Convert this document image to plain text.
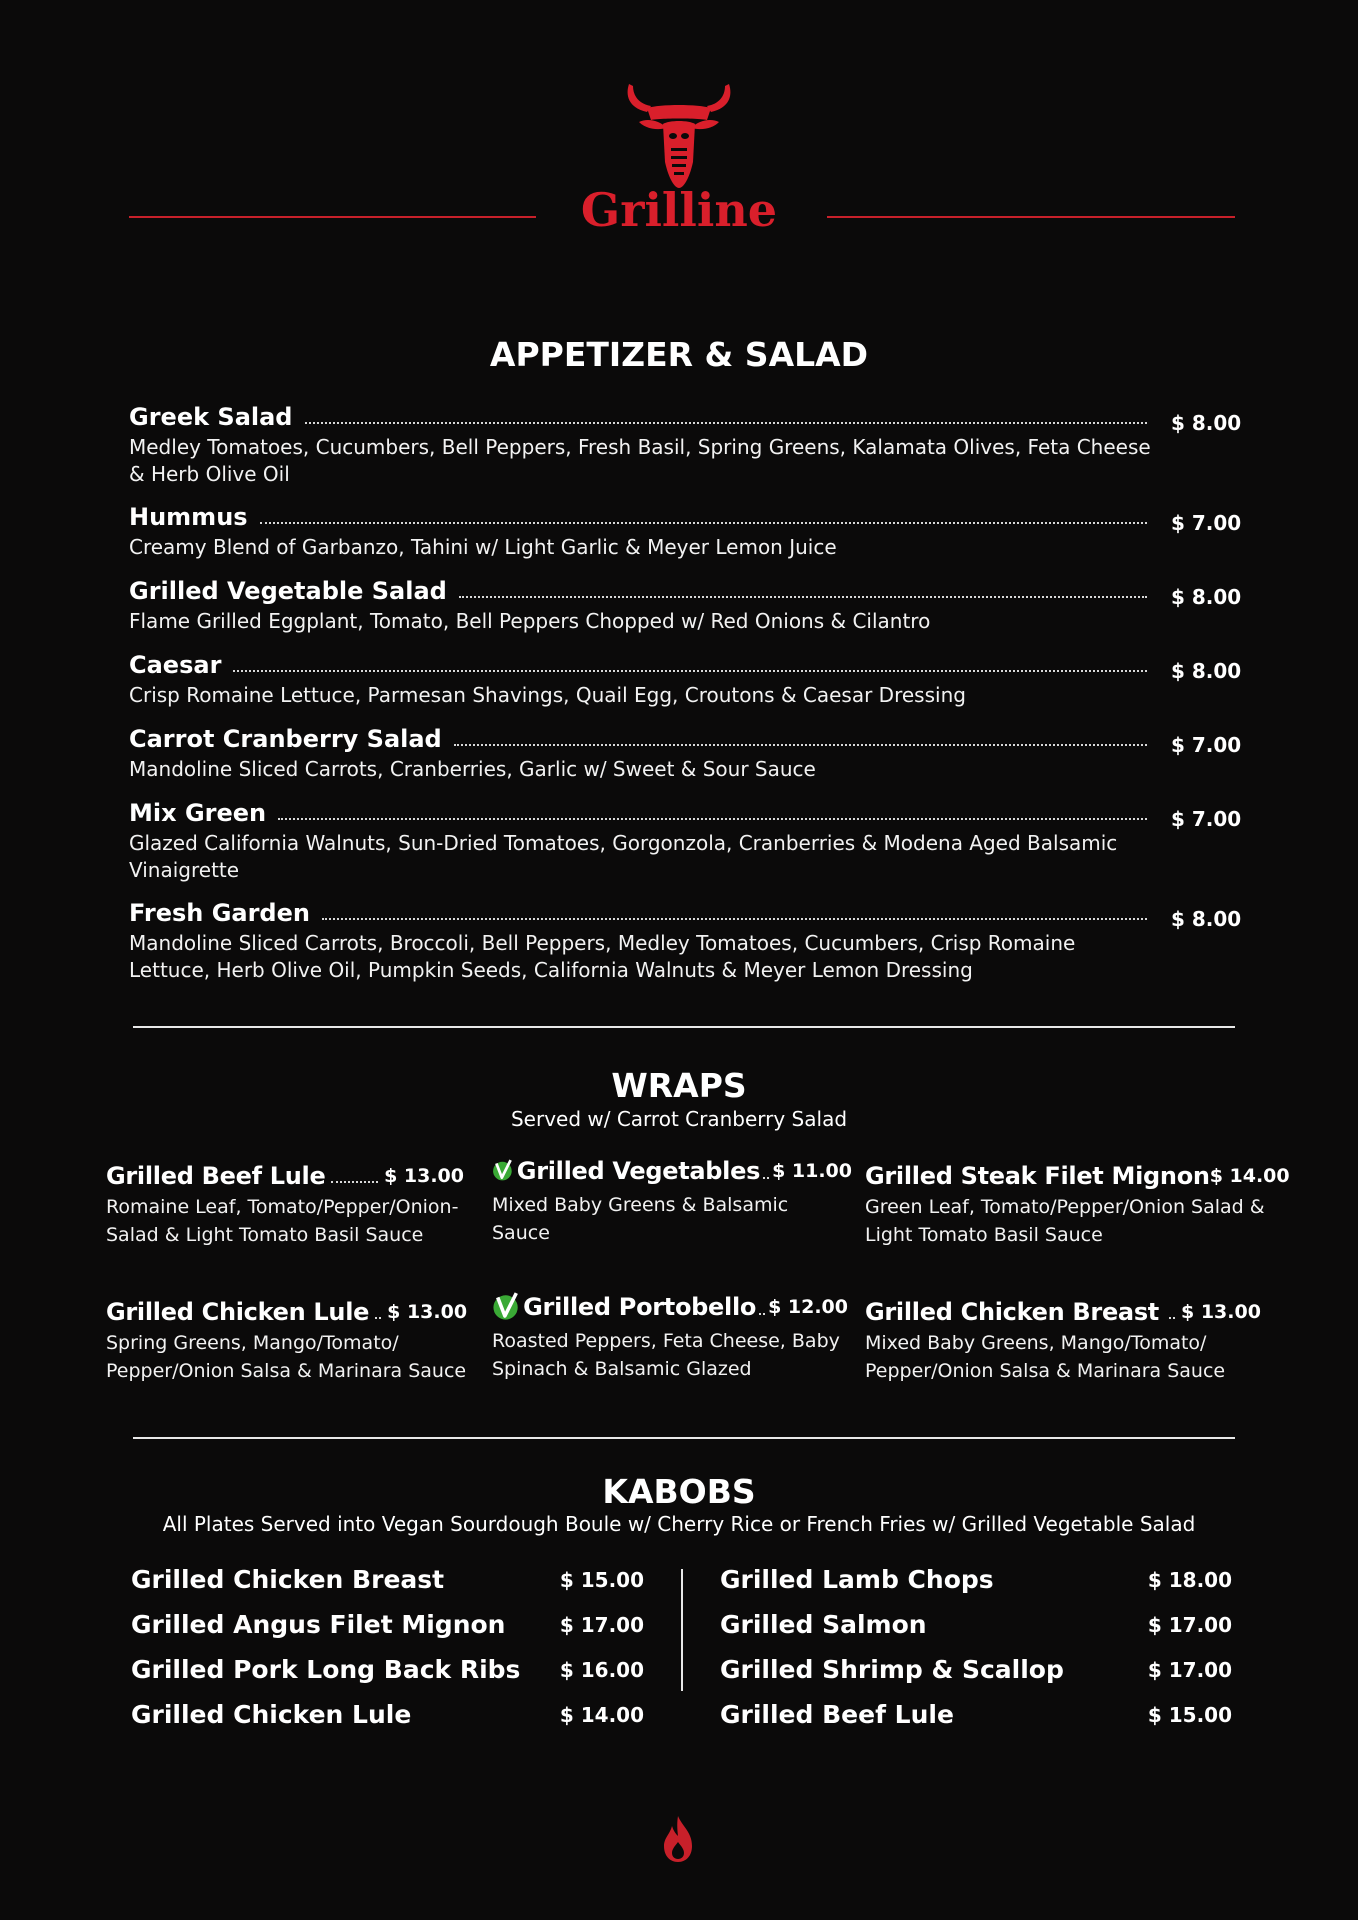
Grilline
APPETIZER & SALAD
Greek Salad	$ 8.00
Medley Tomatoes, Cucumbers, Bell Peppers, Fresh Basil, Spring Greens, Kalamata Olives, Feta Cheese & Herb Olive Oil
Hummus	$ 7.00
Creamy Blend of Garbanzo, Tahini w/ Light Garlic & Meyer Lemon Juice
Grilled Vegetable Salad	$ 8.00
Flame Grilled Eggplant, Tomato, Bell Peppers Chopped w/ Red Onions & Cilantro
Caesar	$ 8.00
Crisp Romaine Lettuce, Parmesan Shavings, Quail Egg, Croutons & Caesar Dressing
Carrot Cranberry Salad	$ 7.00
Mandoline Sliced Carrots, Cranberries, Garlic w/ Sweet & Sour Sauce
Mix Green	$ 7.00
Glazed California Walnuts, Sun-Dried Tomatoes, Gorgonzola, Cranberries & Modena Aged Balsamic Vinaigrette
Fresh Garden	$ 8.00
Mandoline Sliced Carrots, Broccoli, Bell Peppers, Medley Tomatoes, Cucumbers, Crisp Romaine Lettuce, Herb Olive Oil, Pumpkin Seeds, California Walnuts & Meyer Lemon Dressing
WRAPS
Served w/ Carrot Cranberry Salad
Grilled Beef Lule	$ 13.00
Romaine Leaf, Tomato/Pepper/Onion-Salad & Light Tomato Basil Sauce
Grilled Vegetables $ 11.00
Mixed Baby Greens & Balsamic Sauce
Grilled Steak Filet Mignon $ 14.00
Green Leaf, Tomato/Pepper/Onion Salad & Light Tomato Basil Sauce
Grilled Chicken Lule $ 13.00
Spring Greens, Mango/Tomato/ Pepper/Onion Salsa & Marinara Sauce
Grilled Portobello $ 12.00
Roasted Peppers, Feta Cheese, Baby Spinach & Balsamic Glazed
Grilled Chicken Breast $ 13.00
Mixed Baby Greens, Mango/Tomato/ Pepper/Onion Salsa & Marinara Sauce
KABOBS
All Plates Served into Vegan Sourdough Boule w/ Cherry Rice or French Fries w/ Grilled Vegetable Salad
Grilled Chicken Breast	$ 15.00
Grilled Angus Filet Mignon	$ 17.00
Grilled Pork Long Back Ribs $ 16.00
Grilled Chicken Lule	$ 14.00
Grilled Lamb Chops	$ 18.00
Grilled Salmon	$ 17.00
Grilled Shrimp & Scallop	$ 17.00
Grilled Beef Lule	$ 15.00
